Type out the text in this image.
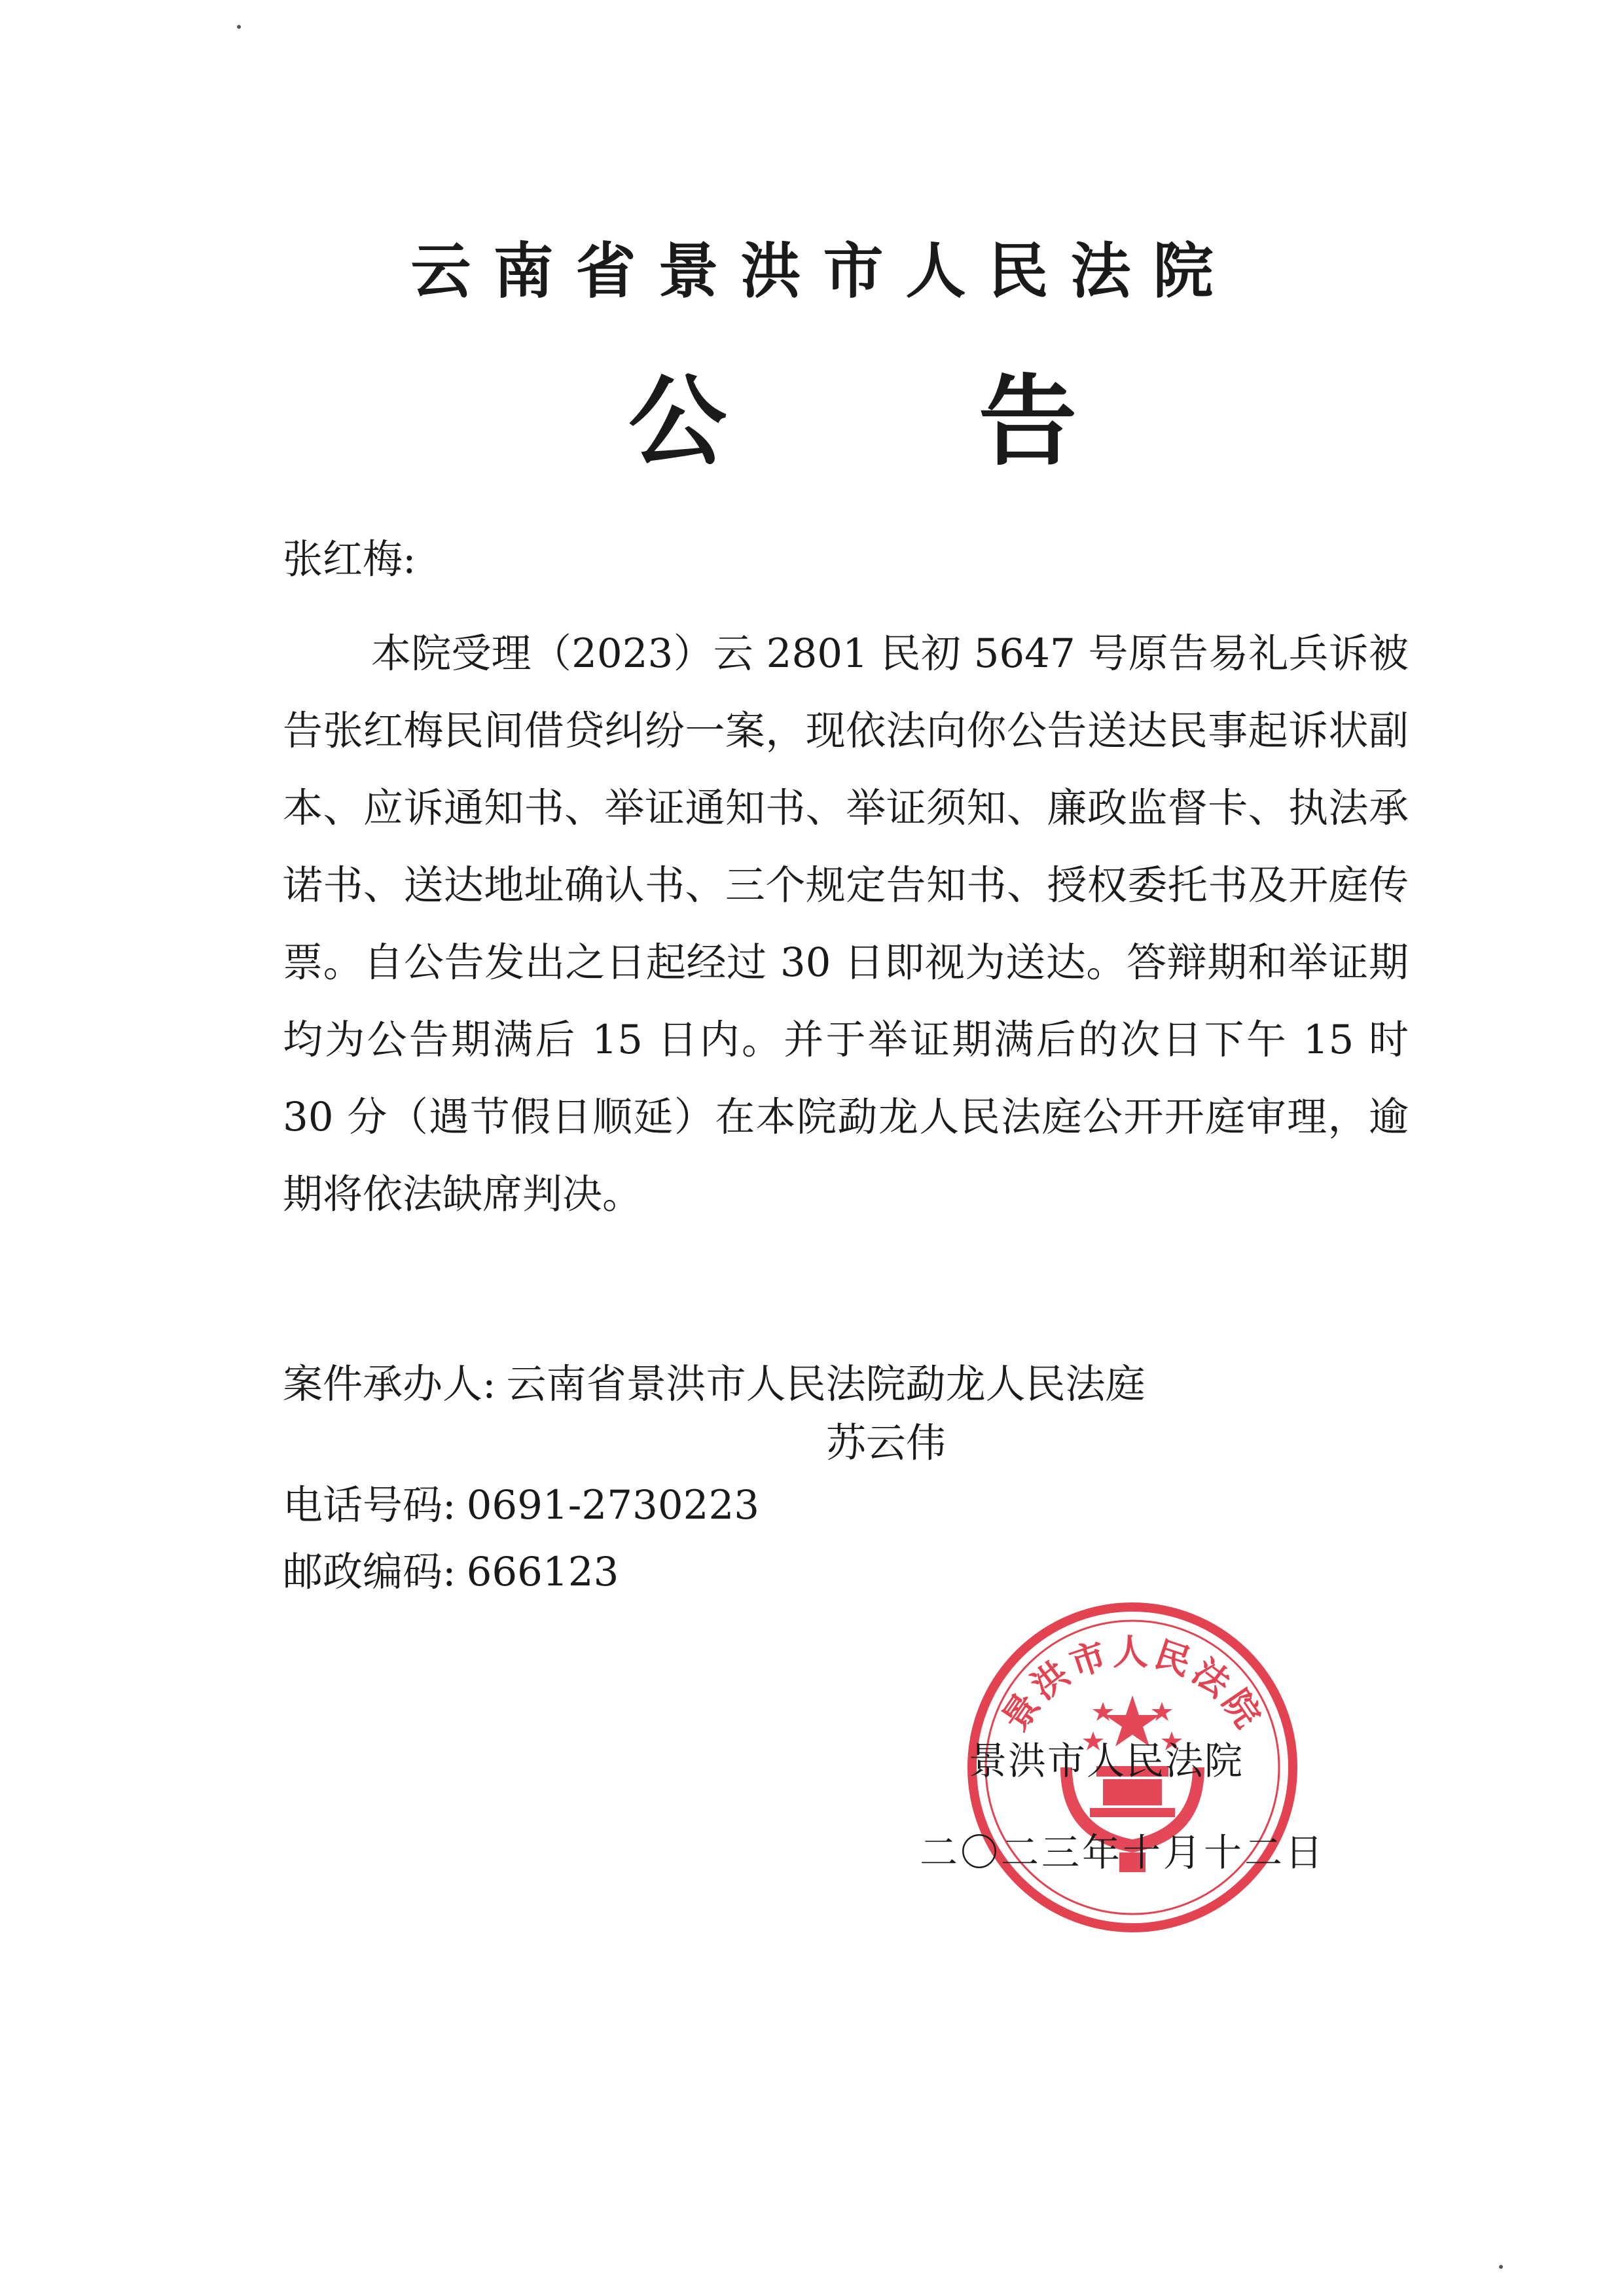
云南省景洪市人民法院
公	告
张红梅:

本院受理（2023）云 2801 民初 5647 号原告易礼兵诉被告张红梅民间借贷纠纷一案，现依法向你公告送达民事起诉状副本、应诉通知书、举证通知书、举证须知、廉政监督卡、执法承诺书、送达地址确认书、三个规定告知书、授权委托书及开庭传票。自公告发出之日起经过 30 日即视为送达。答辩期和举证期均为公告期满后 15 日内。并于举证期满后的次日下午 15 时 30 分（遇节假日顺延）在本院勐龙人民法庭公开开庭审理，逾期将依法缺席判决。

案件承办人: 云南省景洪市人民法院勐龙人民法庭
苏云伟
电话号码: 0691-2730223
邮政编码: 666123
景洪市人民法院
景洪市人民法院
二〇二三年十月十二日
